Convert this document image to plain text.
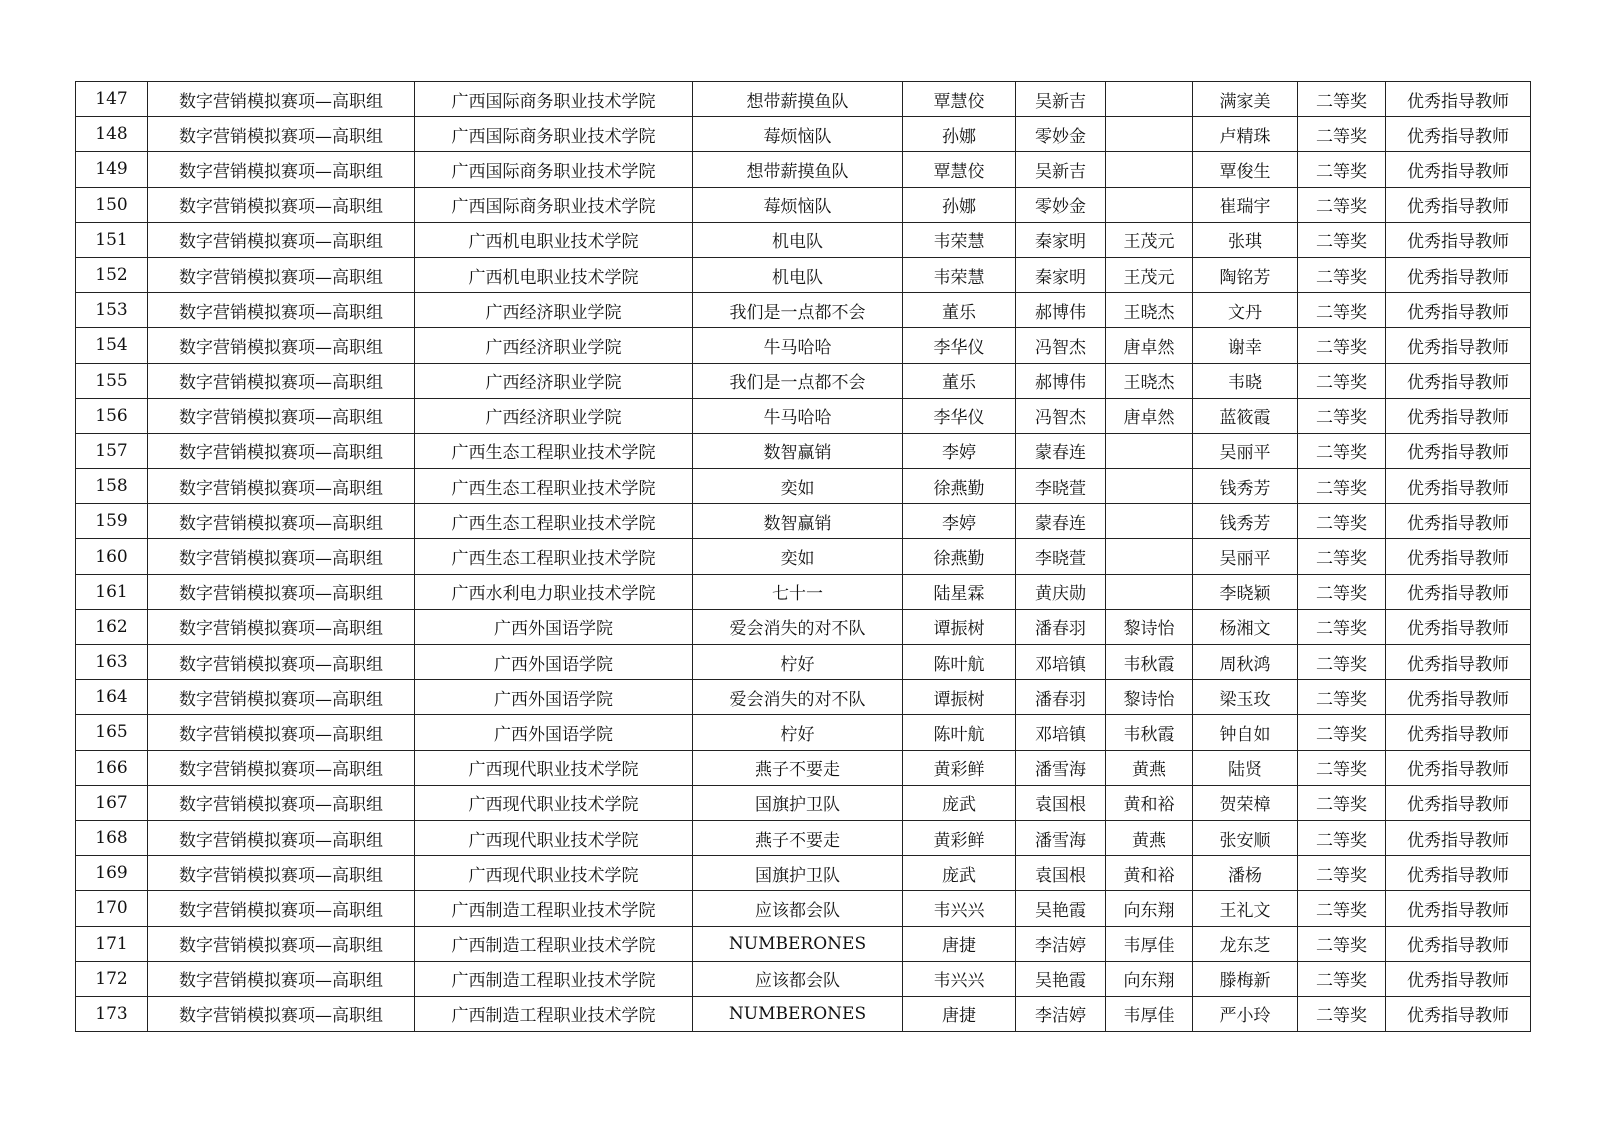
147	数字营销模拟赛项—高职组	广西国际商务职业技术学院	想带薪摸鱼队	覃慧佼	吴新吉		满家美	二等奖	优秀指导教师
148	数字营销模拟赛项—高职组	广西国际商务职业技术学院	莓烦恼队	孙娜	零妙金		卢精珠	二等奖	优秀指导教师
149	数字营销模拟赛项—高职组	广西国际商务职业技术学院	想带薪摸鱼队	覃慧佼	吴新吉		覃俊生	二等奖	优秀指导教师
150	数字营销模拟赛项—高职组	广西国际商务职业技术学院	莓烦恼队	孙娜	零妙金		崔瑞宇	二等奖	优秀指导教师
151	数字营销模拟赛项—高职组	广西机电职业技术学院	机电队	韦荣慧	秦家明	王茂元	张琪	二等奖	优秀指导教师
152	数字营销模拟赛项—高职组	广西机电职业技术学院	机电队	韦荣慧	秦家明	王茂元	陶铭芳	二等奖	优秀指导教师
153	数字营销模拟赛项—高职组	广西经济职业学院	我们是一点都不会	董乐	郝博伟	王晓杰	文丹	二等奖	优秀指导教师
154	数字营销模拟赛项—高职组	广西经济职业学院	牛马哈哈	李华仪	冯智杰	唐卓然	谢幸	二等奖	优秀指导教师
155	数字营销模拟赛项—高职组	广西经济职业学院	我们是一点都不会	董乐	郝博伟	王晓杰	韦晓	二等奖	优秀指导教师
156	数字营销模拟赛项—高职组	广西经济职业学院	牛马哈哈	李华仪	冯智杰	唐卓然	蓝筱霞	二等奖	优秀指导教师
157	数字营销模拟赛项—高职组	广西生态工程职业技术学院	数智赢销	李婷	蒙春连		吴丽平	二等奖	优秀指导教师
158	数字营销模拟赛项—高职组	广西生态工程职业技术学院	奕如	徐燕勤	李晓萱		钱秀芳	二等奖	优秀指导教师
159	数字营销模拟赛项—高职组	广西生态工程职业技术学院	数智赢销	李婷	蒙春连		钱秀芳	二等奖	优秀指导教师
160	数字营销模拟赛项—高职组	广西生态工程职业技术学院	奕如	徐燕勤	李晓萱		吴丽平	二等奖	优秀指导教师
161	数字营销模拟赛项—高职组	广西水利电力职业技术学院	七十一	陆星霖	黄庆勋		李晓颖	二等奖	优秀指导教师
162	数字营销模拟赛项—高职组	广西外国语学院	爱会消失的对不队	谭振树	潘春羽	黎诗怡	杨湘文	二等奖	优秀指导教师
163	数字营销模拟赛项—高职组	广西外国语学院	柠好	陈叶航	邓培镇	韦秋霞	周秋鸿	二等奖	优秀指导教师
164	数字营销模拟赛项—高职组	广西外国语学院	爱会消失的对不队	谭振树	潘春羽	黎诗怡	梁玉玫	二等奖	优秀指导教师
165	数字营销模拟赛项—高职组	广西外国语学院	柠好	陈叶航	邓培镇	韦秋霞	钟自如	二等奖	优秀指导教师
166	数字营销模拟赛项—高职组	广西现代职业技术学院	燕子不要走	黄彩鲜	潘雪海	黄燕	陆贤	二等奖	优秀指导教师
167	数字营销模拟赛项—高职组	广西现代职业技术学院	国旗护卫队	庞武	袁国根	黄和裕	贺荣樟	二等奖	优秀指导教师
168	数字营销模拟赛项—高职组	广西现代职业技术学院	燕子不要走	黄彩鲜	潘雪海	黄燕	张安顺	二等奖	优秀指导教师
169	数字营销模拟赛项—高职组	广西现代职业技术学院	国旗护卫队	庞武	袁国根	黄和裕	潘杨	二等奖	优秀指导教师
170	数字营销模拟赛项—高职组	广西制造工程职业技术学院	应该都会队	韦兴兴	吴艳霞	向东翔	王礼文	二等奖	优秀指导教师
171	数字营销模拟赛项—高职组	广西制造工程职业技术学院	NUMBERONES	唐捷	李洁婷	韦厚佳	龙东芝	二等奖	优秀指导教师
172	数字营销模拟赛项—高职组	广西制造工程职业技术学院	应该都会队	韦兴兴	吴艳霞	向东翔	滕梅新	二等奖	优秀指导教师
173	数字营销模拟赛项—高职组	广西制造工程职业技术学院	NUMBERONES	唐捷	李洁婷	韦厚佳	严小玲	二等奖	优秀指导教师
